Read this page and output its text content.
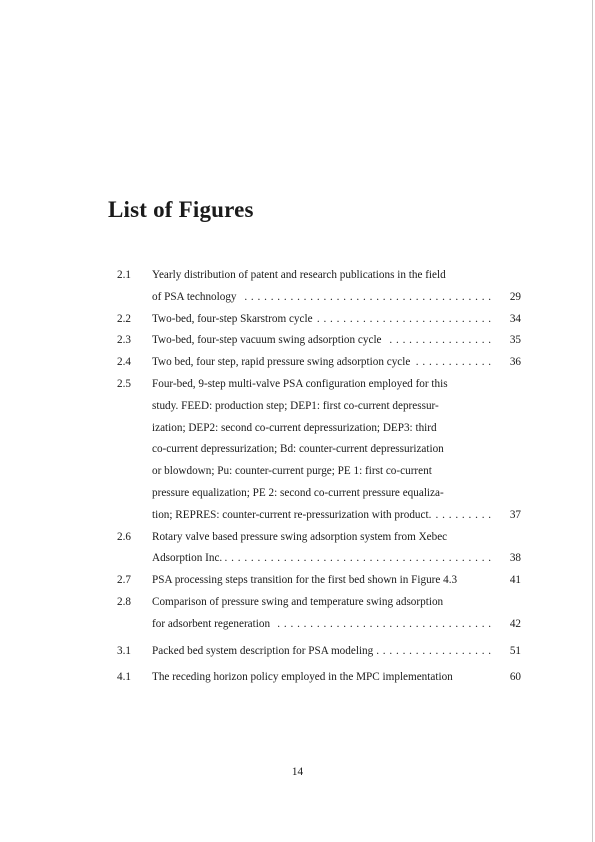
List of Figures
2.1 Yearly distribution of patent and research publications in the field
of PSA technology . . .	29
2.2 Two-bed, four-step Skarstrom cycle . . .	34
2.3 Two-bed, four-step vacuum swing adsorption cycle . . .	35
2.4 Two bed, four step, rapid pressure swing adsorption cycle . . .	36
2.5 Four-bed, 9-step multi-valve PSA configuration employed for this
study. FEED: production step; DEP1: first co-current depressur-
ization; DEP2: second co-current depressurization; DEP3: third
co-current depressurization; Bd: counter-current depressurization
or blowdown; Pu: counter-current purge; PE 1: first co-current
pressure equalization; PE 2: second co-current pressure equaliza-
tion; REPRES: counter-current re-pressurization with product. . . .	37
2.6 Rotary valve based pressure swing adsorption system from Xebec
Adsorption Inc. . . .	38
2.7 PSA processing steps transition for the first bed shown in Figure 4.3	41
2.8 Comparison of pressure swing and temperature swing adsorption
for adsorbent regeneration . . .	42
3.1 Packed bed system description for PSA modeling . . .	51
4.1 The receding horizon policy employed in the MPC implementation	60
14
